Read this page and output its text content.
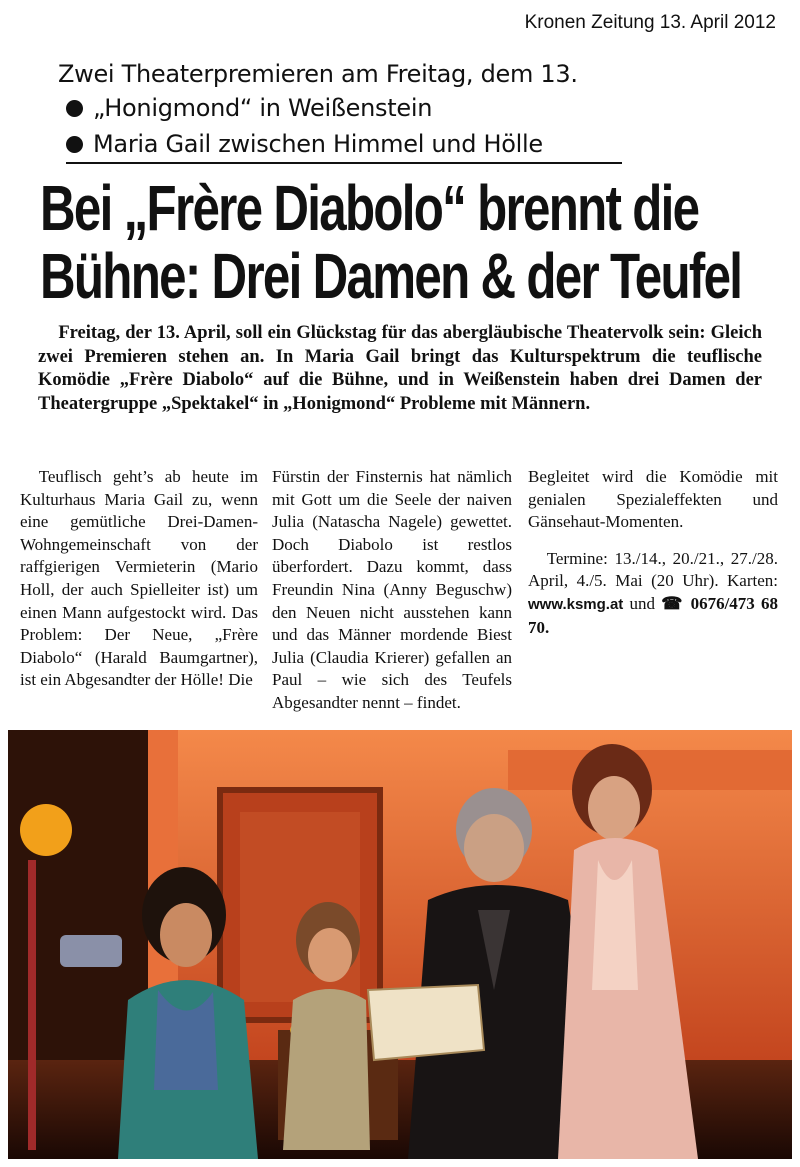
Kronen Zeitung 13. April 2012
Zwei Theaterpremieren am Freitag, dem 13.
„Honigmond“ in Weißenstein
Maria Gail zwischen Himmel und Hölle
Bei „Frère Diabolo“ brennt die
Bühne: Drei Damen & der Teufel
Freitag, der 13. April, soll ein Glückstag für das abergläubische Theatervolk sein: Gleich zwei Premieren stehen an. In Maria Gail bringt das Kulturspektrum die teuflische Komödie „Frère Diabolo“ auf die Bühne, und in Weißenstein haben drei Damen der Theatergruppe „Spektakel“ in „Honigmond“ Probleme mit Männern.
Teuflisch geht’s ab heute im Kulturhaus Maria Gail zu, wenn eine gemütliche Drei-Damen-Wohngemeinschaft von der raffgierigen Vermieterin (Mario Holl, der auch Spielleiter ist) um einen Mann aufgestockt wird. Das Problem: Der Neue, „Frère Diabolo“ (Harald Baumgartner), ist ein Abgesandter der Hölle! Die
Fürstin der Finsternis hat nämlich mit Gott um die Seele der naiven Julia (Natascha Nagele) gewettet. Doch Diabolo ist restlos überfordert. Dazu kommt, dass Freundin Nina (Anny Beguschw) den Neuen nicht ausstehen kann und das Männer mordende Biest Julia (Claudia Krierer) gefallen an Paul – wie sich des Teufels Abgesandter nennt – findet.

Begleitet wird die Komödie mit genialen Spezialeffekten und Gänsehaut-Momenten.

Termine: 13./14., 20./21., 27./28. April, 4./5. Mai (20 Uhr). Karten: www.ksmg.at und ☎ 0676/473 68 70.
